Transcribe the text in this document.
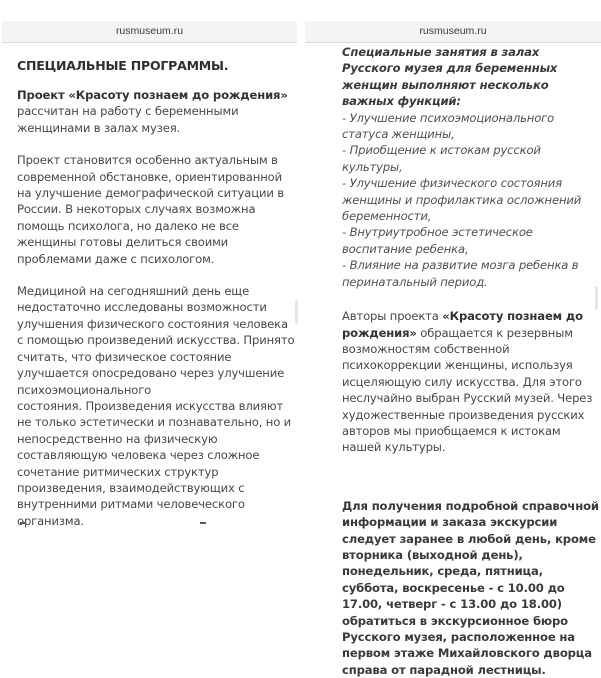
rusmuseum.ru
СПЕЦИАЛЬНЫЕ ПРОГРАММЫ.

Проект «Красоту познаем до рождения» рассчитан на работу с беременными женщинами в залах музея.

Проект становится особенно актуальным в современной обстановке, ориентированной на улучшение демографической ситуации в России. В некоторых случаях возможна помощь психолога, но далеко не все женщины готовы делиться своими проблемами даже с психологом.

Медициной на сегодняшний день еще недостаточно исследованы возможности улучшения физического состояния человека с помощью произведений искусства. Принято считать, что физическое состояние улучшается опосредовано через улучшение психоэмоционального
состояния. Произведения искусства влияют не только эстетически и познавательно, но и непосредственно на физическую составляющую человека через сложное сочетание ритмических структур произведения, взаимодействующих с внутренними ритмами человеческого организма.

rusmuseum.ru

Специальные занятия в залах Русского музея для беременных женщин выполняют несколько важных функций:

- Улучшение психоэмоционального статуса женщины,

- Приобщение к истокам русской культуры,

- Улучшение физического состояния женщины и профилактика осложнений беременности,

- Внутриутробное эстетическое воспитание ребенка,

- Влияние на развитие мозга ребенка в перинатальный период.

Авторы проекта «Красоту познаем до рождения» обращается к резервным возможностям собственной психокоррекции женщины, используя исцеляющую силу искусства. Для этого неслучайно выбран Русский музей. Через художественные произведения русских авторов мы приобщаемся к истокам нашей культуры.

Для получения подробной справочной информации и заказа экскурсии

следует заранее в любой день, кроме вторника (выходной день), понедельник, среда, пятница, суббота, воскресенье - с 10.00 до 17.00, четверг - с 13.00 до 18.00)

обратиться в экскурсионное бюро Русского музея, расположенное на первом этаже Михайловского дворца справа от парадной лестницы.
